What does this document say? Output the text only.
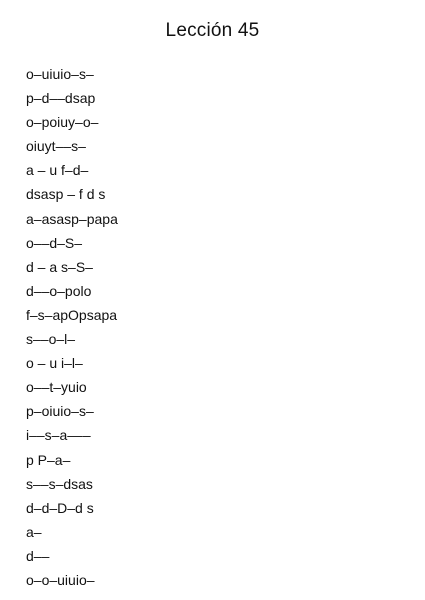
Lección 45
o–uiuio–s–
p–d––dsap
o–poiuy–o–
oiuyt––s–
a – u f–d–
dsasp – f d s
a–asasp–papa
o––d–S–
d – a s–S–
d––o–polo
f–s–apOpsapa
s––o–l–
o – u i–l–
o––t–yuio
p–oiuio–s–
i––s–a–––
p P–a–
s––s–dsas
d–d–D–d s
a–
d––
o–o–uiuio–
